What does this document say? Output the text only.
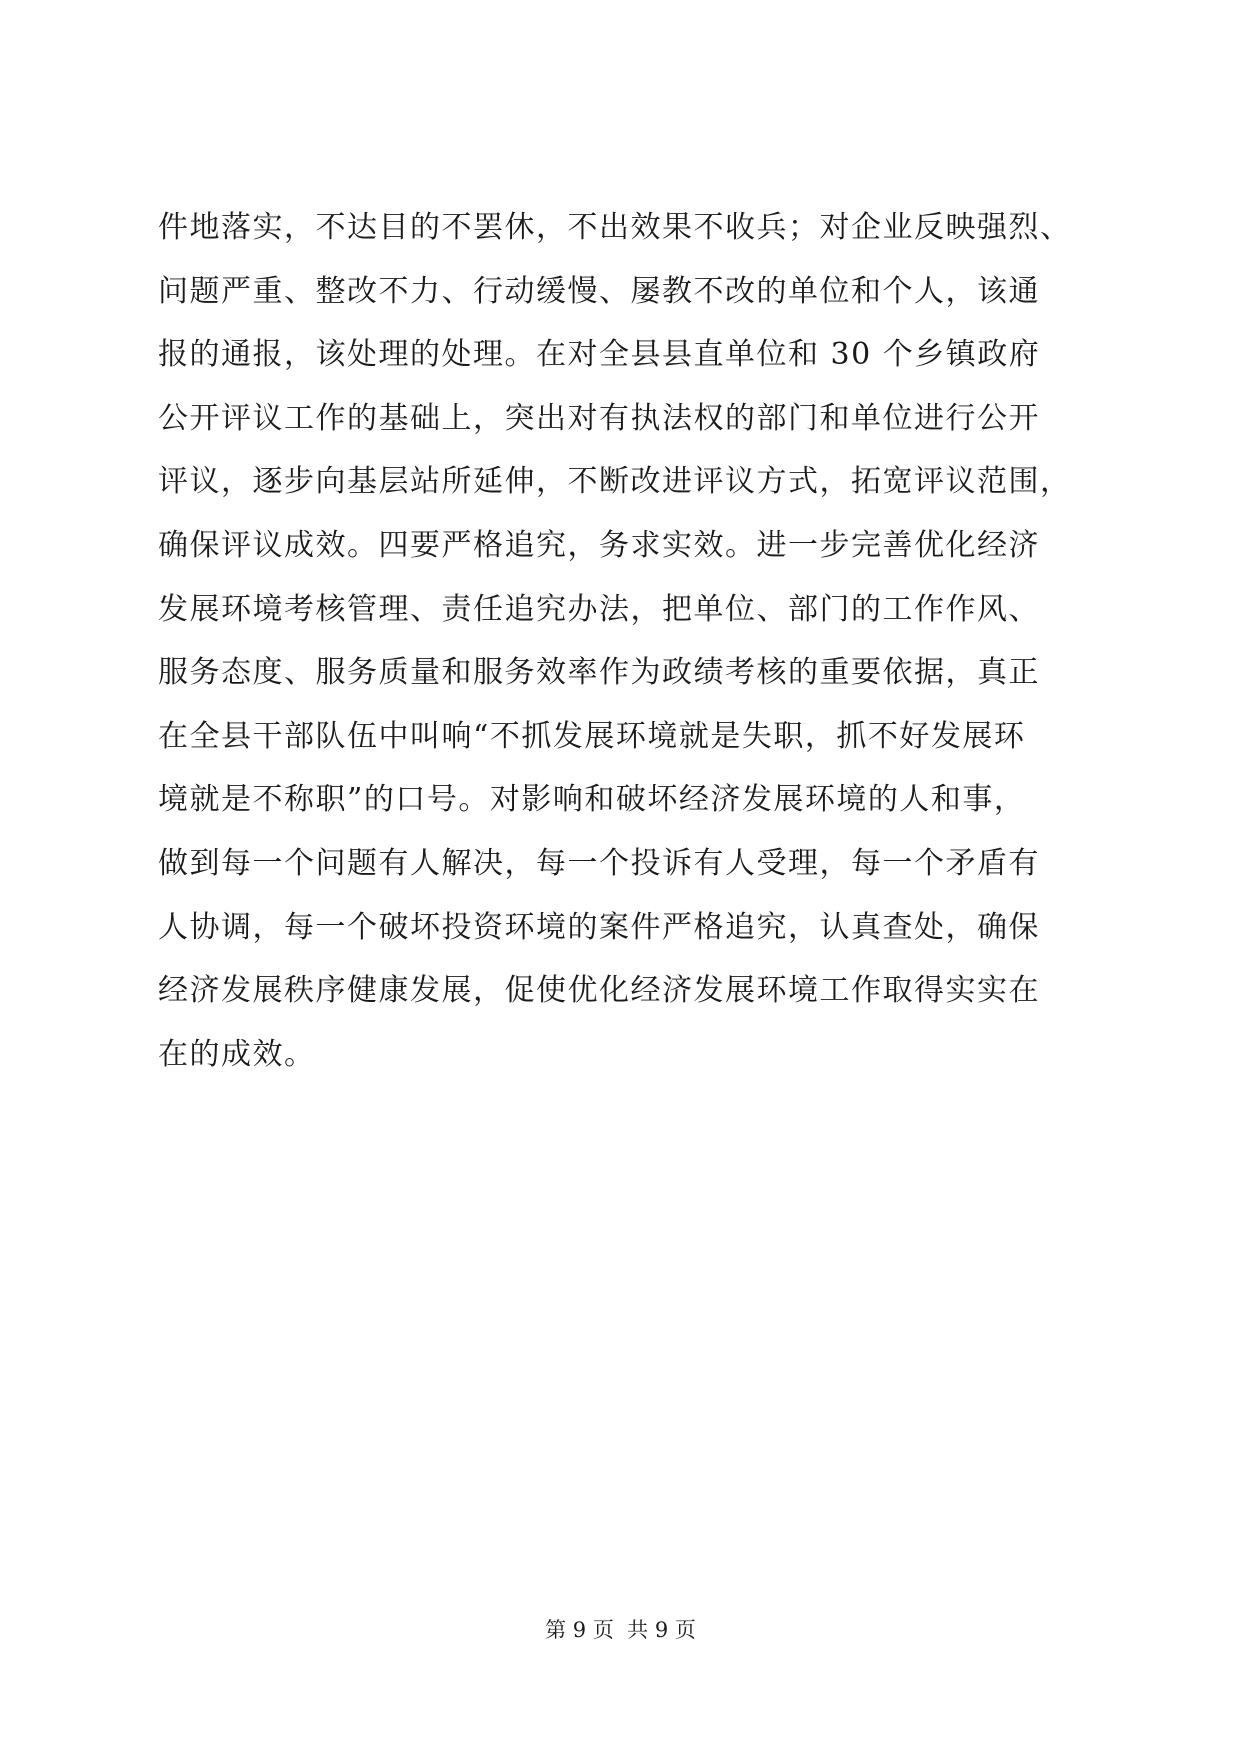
件地落实，不达目的不罢休，不出效果不收兵；对企业反映强烈、
问题严重、整改不力、行动缓慢、屡教不改的单位和个人，该通
报的通报，该处理的处理。在对全县县直单位和 30 个乡镇政府
公开评议工作的基础上，突出对有执法权的部门和单位进行公开
评议，逐步向基层站所延伸，不断改进评议方式，拓宽评议范围，
确保评议成效。四要严格追究，务求实效。进一步完善优化经济
发展环境考核管理、责任追究办法，把单位、部门的工作作风、
服务态度、服务质量和服务效率作为政绩考核的重要依据，真正
在全县干部队伍中叫响“不抓发展环境就是失职，抓不好发展环
境就是不称职”的口号。对影响和破坏经济发展环境的人和事，
做到每一个问题有人解决，每一个投诉有人受理，每一个矛盾有
人协调，每一个破坏投资环境的案件严格追究，认真查处，确保
经济发展秩序健康发展，促使优化经济发展环境工作取得实实在
在的成效。
第 9 页  共 9 页
